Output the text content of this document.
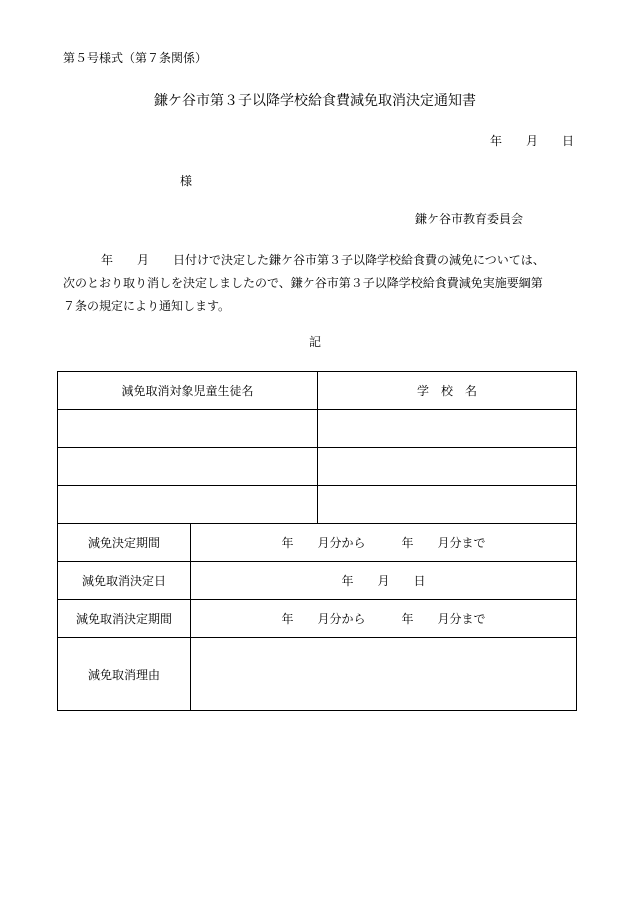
第５号様式（第７条関係）
鎌ケ谷市第３子以降学校給食費減免取消決定通知書
年　　月　　日
様
鎌ケ谷市教育委員会
年　　月　　日付けで決定した鎌ケ谷市第３子以降学校給食費の減免については、
次のとおり取り消しを決定しましたので、鎌ケ谷市第３子以降学校給食費減免実施要綱第
７条の規定により通知します。
記
減免取消対象児童生徒名		学　校　名

減免決定期間	年　　月分から　　　年　　月分まで	
減免取消決定日	年　　月　　日	
減免取消決定期間	年　　月分から　　　年　　月分まで	
減免取消理由		
